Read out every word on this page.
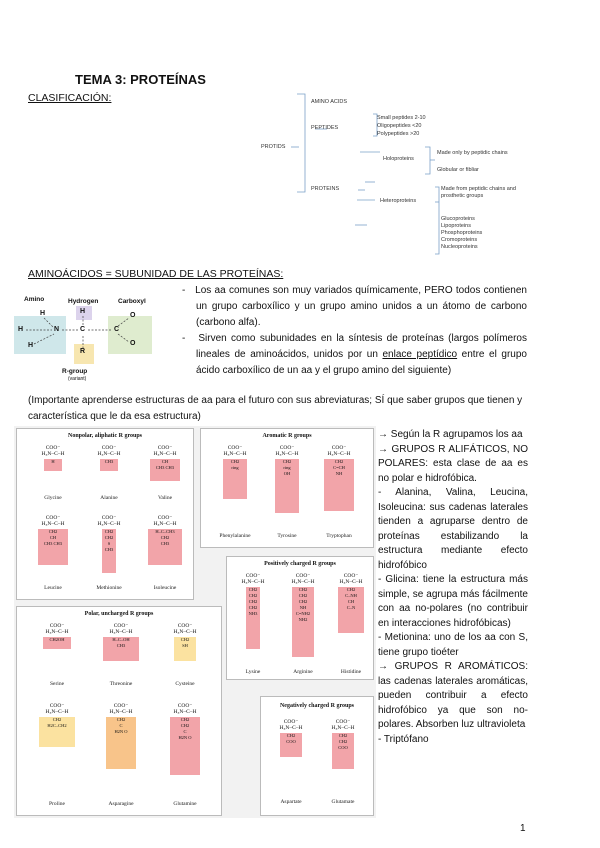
TEMA 3: PROTEÍNAS
CLASIFICACIÓN:	AMINO ACIDS
PEPTIDES
PROTEINS
PROTIDS
Small peptides 2-10
Oligopeptides <20
Polypeptides >20
Holoproteins
Heteroproteins
Made only by peptidic chains
Globular or fibliar
Made from peptidic chains and prosthetic groups
Glucoproteins
Lipoproteins
Phosphoproteins
Cromoproteins
Nucleoproteins
AMINOÁCIDOS = SUBUNIDAD DE LAS PROTEÍNAS:
Hydrogen
Amino	Carboxyl
R-group
(variant)
H
H	N	C	C
O
O
H
R
H
-   Los aa comunes son muy variados químicamente, PERO todos contienen un grupo carboxílico y un grupo amino unidos a un átomo de carbono (carbono alfa).
-   Sirven como subunidades en la síntesis de proteínas (largos polímeros lineales de aminoácidos, unidos por un enlace peptídico entre el grupo ácido carboxílico de un aa y el grupo amino del siguiente)
(Importante aprenderse estructuras de aa para el futuro con sus abreviaturas; SÍ que saber grupos que tienen y característica que le da esa estructura)
Nonpolar, aliphatic R groups
COO⁻
H₃N–C–H
H
Glycine
COO⁻
H₃N–C–H
CH3
Alanine
COO⁻
H₃N–C–H
CH
CH3 CH3
Valine
COO⁻
H₃N–C–H
CH2
CH
CH3 CH3
Leucine
COO⁻
H₃N–C–H
CH2
CH2
S
CH3
Methionine
COO⁻
H₃N–C–H
H–C–CH3
CH2
CH3
Isoleucine
Aromatic R groups
COO⁻
H₃N–C–H
CH2
ring
Phenylalanine
COO⁻
H₃N–C–H
CH2
ring
OH
Tyrosine
COO⁻
H₃N–C–H
CH2
C=CH
NH
Tryptophan
Positively charged R groups
COO⁻
H₃N–C–H
CH2
CH2
CH2
CH2
NH3
Lysine
COO⁻
H₃N–C–H
CH2
CH2
CH2
NH
C=NH2
NH2
Arginine
COO⁻
H₃N–C–H
CH2
C–NH
CH
C–N
Histidine
Polar, uncharged R groups
COO⁻
H₃N–C–H
CH2OH
Serine
COO⁻
H₃N–C–H
H–C–OH
CH3
Threonine
COO⁻
H₃N–C–H
CH2
SH
Cysteine
COO⁻
H₃N–C–H
CH2
H2C–CH2
Proline
COO⁻
H₃N–C–H
CH2
C
H2N O
Asparagine
COO⁻
H₃N–C–H
CH2
CH2
C
H2N O
Glutamine
Negatively charged R groups
COO⁻
H₃N–C–H
CH2
COO
Aspartate
COO⁻
H₃N–C–H
CH2
CH2
COO
Glutamate

→ Según la R agrupamos los aa

→ GRUPOS R ALIFÁTICOS, NO POLARES: esta clase de aa es no polar e hidrofóbica.

- Alanina, Valina, Leucina, Isoleucina: sus cadenas laterales tienden a agruparse dentro de proteínas estabilizando la estructura mediante efecto hidrofóbico

- Glicina: tiene la estructura más simple, se agrupa más fácilmente con aa no-polares (no contribuir en interacciones hidrofóbicas)

- Metionina: uno de los aa con S, tiene grupo tioéter

→ GRUPOS R AROMÁTICOS: las cadenas laterales aromáticas, pueden contribuir a efecto hidrofóbico ya que son no-polares. Absorben luz ultravioleta

- Triptófano

1
